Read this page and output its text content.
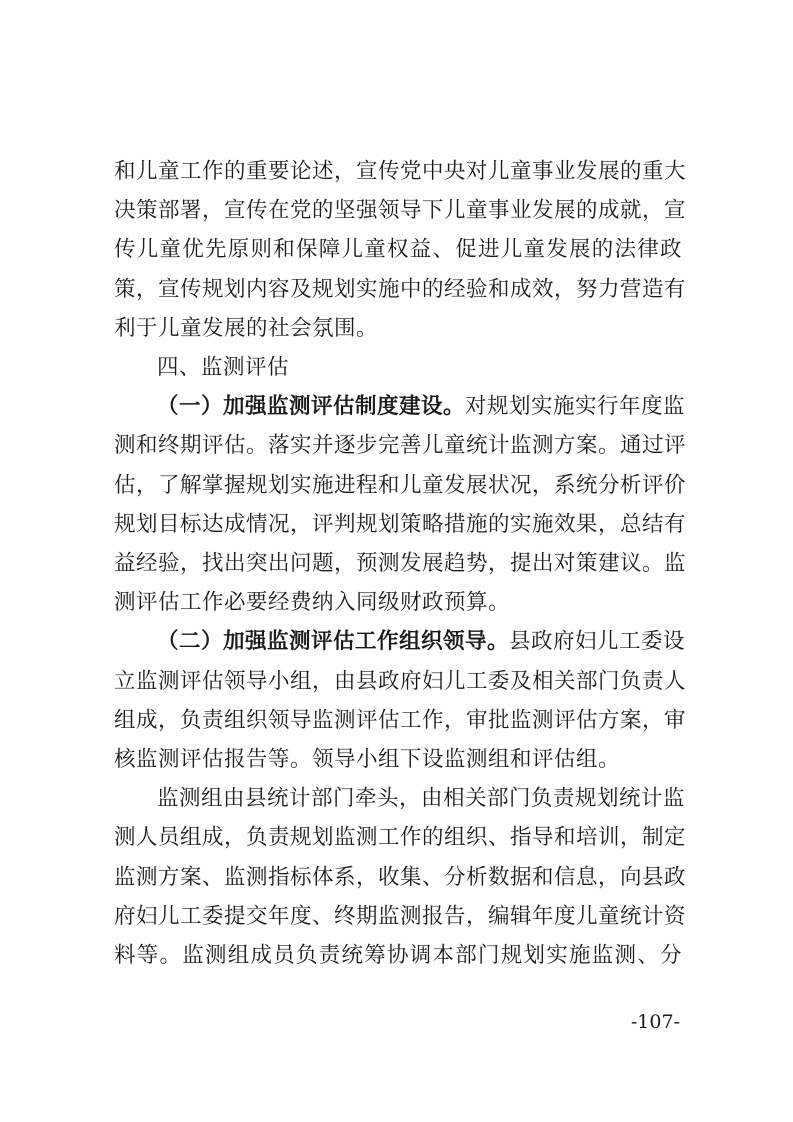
和儿童工作的重要论述，宣传党中央对儿童事业发展的重大
决策部署，宣传在党的坚强领导下儿童事业发展的成就，宣
传儿童优先原则和保障儿童权益、促进儿童发展的法律政
策，宣传规划内容及规划实施中的经验和成效，努力营造有
利于儿童发展的社会氛围。
四、监测评估
（一）加强监测评估制度建设。对规划实施实行年度监
测和终期评估。落实并逐步完善儿童统计监测方案。通过评
估，了解掌握规划实施进程和儿童发展状况，系统分析评价
规划目标达成情况，评判规划策略措施的实施效果，总结有
益经验，找出突出问题，预测发展趋势，提出对策建议。监
测评估工作必要经费纳入同级财政预算。
（二）加强监测评估工作组织领导。县政府妇儿工委设
立监测评估领导小组，由县政府妇儿工委及相关部门负责人
组成，负责组织领导监测评估工作，审批监测评估方案，审
核监测评估报告等。领导小组下设监测组和评估组。
监测组由县统计部门牵头，由相关部门负责规划统计监
测人员组成，负责规划监测工作的组织、指导和培训，制定
监测方案、监测指标体系，收集、分析数据和信息，向县政
府妇儿工委提交年度、终期监测报告，编辑年度儿童统计资
料等。监测组成员负责统筹协调本部门规划实施监测、分
-107-
